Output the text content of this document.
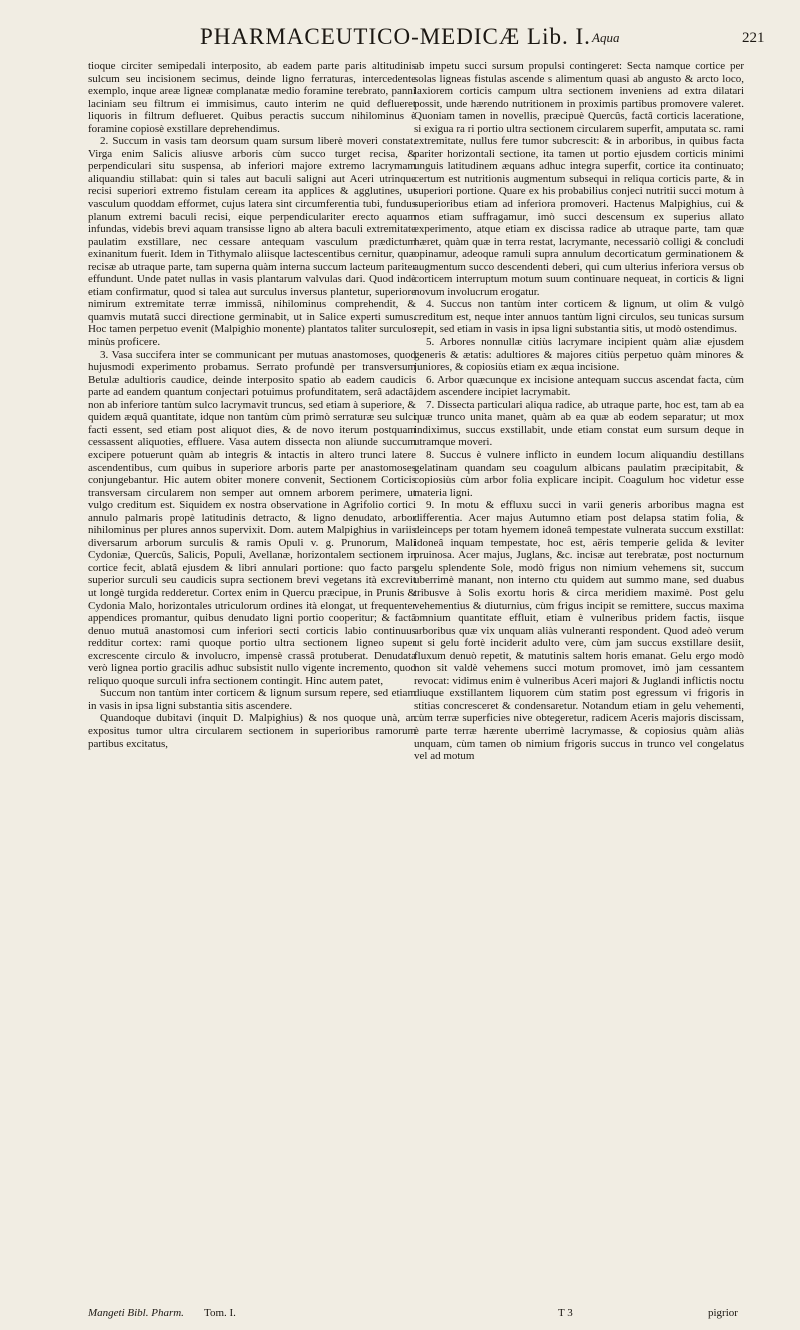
PHARMACEUTICO-MEDICÆ Lib. I. Aqua	221

tioque circiter semipedali interposito, ab eadem parte paris altitudinis sulcum seu incisionem secimus, deinde ligno ferraturas, intercedente exemplo, inque areæ ligneæ complanatæ medio foramine terebrato, panni laciniam seu filtrum ei immisimus, cauto interim ne quid deflueret liquoris in filtrum deflueret. Quibus peractis succum nihilominus è foramine copiosè exstillare deprehendimus.

2. Succum in vasis tam deorsum quam sursum liberè moveri constat. Virga enim Salicis aliusve arboris cùm succo turget recisa, & perpendiculari situ suspensa, ab inferiori majore extremo lacrymam aliquandiu stillabat: quin si tales aut baculi saligni aut Aceri utrinque recisi superiori extremo fistulam ceream ita applices & agglutines, ut vasculum quoddam efformet, cujus latera sint circumferentia tubi, fundus planum extremi baculi recisi, eique perpendiculariter erecto aquam infundas, videbis brevi aquam transisse ligno ab altera baculi extremitate paulatim exstillare, nec cessare antequam vasculum prædictum exinanitum fuerit. Idem in Tithymalo aliisque lactescentibus cernitur, quæ recisæ ab utraque parte, tam superna quàm interna succum lacteum pariter effundunt. Unde patet nullas in vasis plantarum valvulas dari. Quod indè etiam confirmatur, quod si talea aut surculus inversus plantetur, superiore nimirum extremitate terræ immissâ, nihilominus comprehendit, & quamvis mutatâ succi directione germinabit, ut in Salice experti sumus. Hoc tamen perpetuo evenit (Malpighio monente) plantatos taliter surculos minùs proficere.

3. Vasa succifera inter se communicant per mutuas anastomoses, quod hujusmodi experimento probamus. Serrato profundè per transversum Betulæ adultioris caudice, deinde interposito spatio ab eadem caudicis parte ad eandem quantum conjectari potuimus profunditatem, serâ adactâ, non ab inferiore tantùm sulco lacrymavit truncus, sed etiam à superiore, & quidem æquâ quantitate, idque non tantùm cùm primò serraturæ seu sulci facti essent, sed etiam post aliquot dies, & de novo iterum postquam cessassent aliquoties, effluere. Vasa autem dissecta non aliunde succum excipere potuerunt quàm ab integris & intactis in altero trunci latere ascendentibus, cum quibus in superiore arboris parte per anastomoses conjungebantur. Hic autem obiter monere convenit, Sectionem Corticis transversam circularem non semper aut omnem arborem perimere, ut vulgo creditum est. Siquidem ex nostra observatione in Agrifolio cortici annulo palmaris propè latitudinis detracto, & ligno denudato, arbor nihilominus per plures annos supervixit. Dom. autem Malpighius in variis diversarum arborum surculis & ramis Opuli v. g. Prunorum, Mali Cydoniæ, Quercûs, Salicis, Populi, Avellanæ, horizontalem sectionem in cortice fecit, ablatâ ejusdem & libri annulari portione: quo facto pars superior surculi seu caudicis supra sectionem brevi vegetans ità excrevit ut longè turgida redderetur. Cortex enim in Quercu præcipue, in Prunis & Cydonia Malo, horizontales utriculorum ordines ità elongat, ut frequenter appendices promantur, quibus denudato ligni portio cooperitur; & factâ denuo mutuâ anastomosi cum inferiori secti corticis labio continuus redditur cortex: rami quoque portio ultra sectionem ligneo super excrescente circulo & involucro, impensè crassâ protuberat. Denudata verò lignea portio gracilis adhuc subsistit nullo vigente incremento, quod reliquo quoque surculi infra sectionem contingit. Hinc autem patet,

Succum non tantùm inter corticem & lignum sursum repere, sed etiam in vasis in ipsa ligni substantia sitis ascendere.

Quandoque dubitavi (inquit D. Malpighius) & nos quoque unà, an expositus tumor ultra circularem sectionem in superioribus ramorum partibus excitatus,

ab impetu succi sursum propulsi contingeret: Secta namque cortice per solas ligneas fistulas ascende s alimentum quasi ab angusto & arcto loco, laxiorem corticis campum ultra sectionem inveniens ad extra dilatari possit, unde hærendo nutritionem in proximis partibus promovere valeret. Quoniam tamen in novellis, præcipuè Quercûs, factâ corticis laceratione, si exigua ra ri portio ultra sectionem circularem superfit, amputata sc. rami extremitate, nullus fere tumor subcrescit: & in arboribus, in quibus facta pariter horizontali sectione, ita tamen ut portio ejusdem corticis minimi unguis latitudinem æquans adhuc integra superfit, cortice ita continuato; certum est nutritionis augmentum subsequi in reliqua corticis parte, & in superiori portione. Quare ex his probabilius conjeci nutritii succi motum à superioribus etiam ad inferiora promoveri. Hactenus Malpighius, cui & nos etiam suffragamur, imò succi descensum ex superius allato experimento, atque etiam ex discissa radice ab utraque parte, tam quæ hæret, quàm quæ in terra restat, lacrymante, necessariò colligi & concludi opinamur, adeoque ramuli supra annulum decorticatum germinationem & augmentum succo descendenti deberi, qui cum ulterius inferiora versus ob corticem interruptum motum suum continuare nequeat, in corticis & ligni novum involucrum erogatur.

4. Succus non tantùm inter corticem & lignum, ut olim & vulgò creditum est, neque inter annuos tantùm ligni circulos, seu tunicas sursum repit, sed etiam in vasis in ipsa ligni substantia sitis, ut modò ostendimus.

5. Arbores nonnullæ citiùs lacrymare incipient quàm aliæ ejusdem generis & ætatis: adultiores & majores citiùs perpetuo quàm minores & juniores, & copiosiùs etiam ex æqua incisione.

6. Arbor quæcunque ex incisione antequam succus ascendat facta, cùm idem ascendere incipiet lacrymabit.

7. Dissecta particulari aliqua radice, ab utraque parte, hoc est, tam ab ea quæ trunco unita manet, quàm ab ea quæ ab eodem separatur; ut mox indiximus, succus exstillabit, unde etiam constat eum sursum deque in utramque moveri.

8. Succus è vulnere inflicto in eundem locum aliquandiu destillans gelatinam quandam seu coagulum albicans paulatim præcipitabit, & copiosiùs cùm arbor folia explicare incipit. Coagulum hoc videtur esse materia ligni.

9. In motu & effluxu succi in varii generis arboribus magna est differentia. Acer majus Autumno etiam post delapsa statim folia, & deinceps per totam hyemem idoneâ tempestate vulnerata succum exstillat: idoneâ inquam tempestate, hoc est, aëris temperie gelida & leviter pruinosa. Acer majus, Juglans, &c. incisæ aut terebratæ, post nocturnum gelu splendente Sole, modò frigus non nimium vehemens sit, succum uberrimè manant, non interno ctu quidem aut summo mane, sed duabus tribusve à Solis exortu horis & circa meridiem maximè. Post gelu vehementius & diuturnius, cùm frigus incipit se remittere, succus maxima omnium quantitate effluit, etiam è vulneribus pridem factis, iisque arboribus quæ vix unquam aliàs vulneranti respondent. Quod adeò verum ut si gelu fortè inciderit adulto vere, cùm jam succus exstillare desiit, fluxum denuò repetit, & matutinis saltem horis emanat. Gelu ergo modò non sit valdè vehemens succi motum promovet, imò jam cessantem revocat: vidimus enim è vulneribus Aceri majori & Juglandi inflictis noctu diuque exstillantem liquorem cùm statim post egressum vi frigoris in stitias concresceret & condensaretur. Notandum etiam in gelu vehementi, cùm terræ superficies nive obtegeretur, radicem Aceris majoris discissam, è parte terræ hærente uberrimè lacrymasse, & copiosius quàm aliàs unquam, cùm tamen ob nimium frigoris succus in trunco vel congelatus vel ad motum

Mangeti Bibl. Pharm. Tom. I.	T 3	pigrior
